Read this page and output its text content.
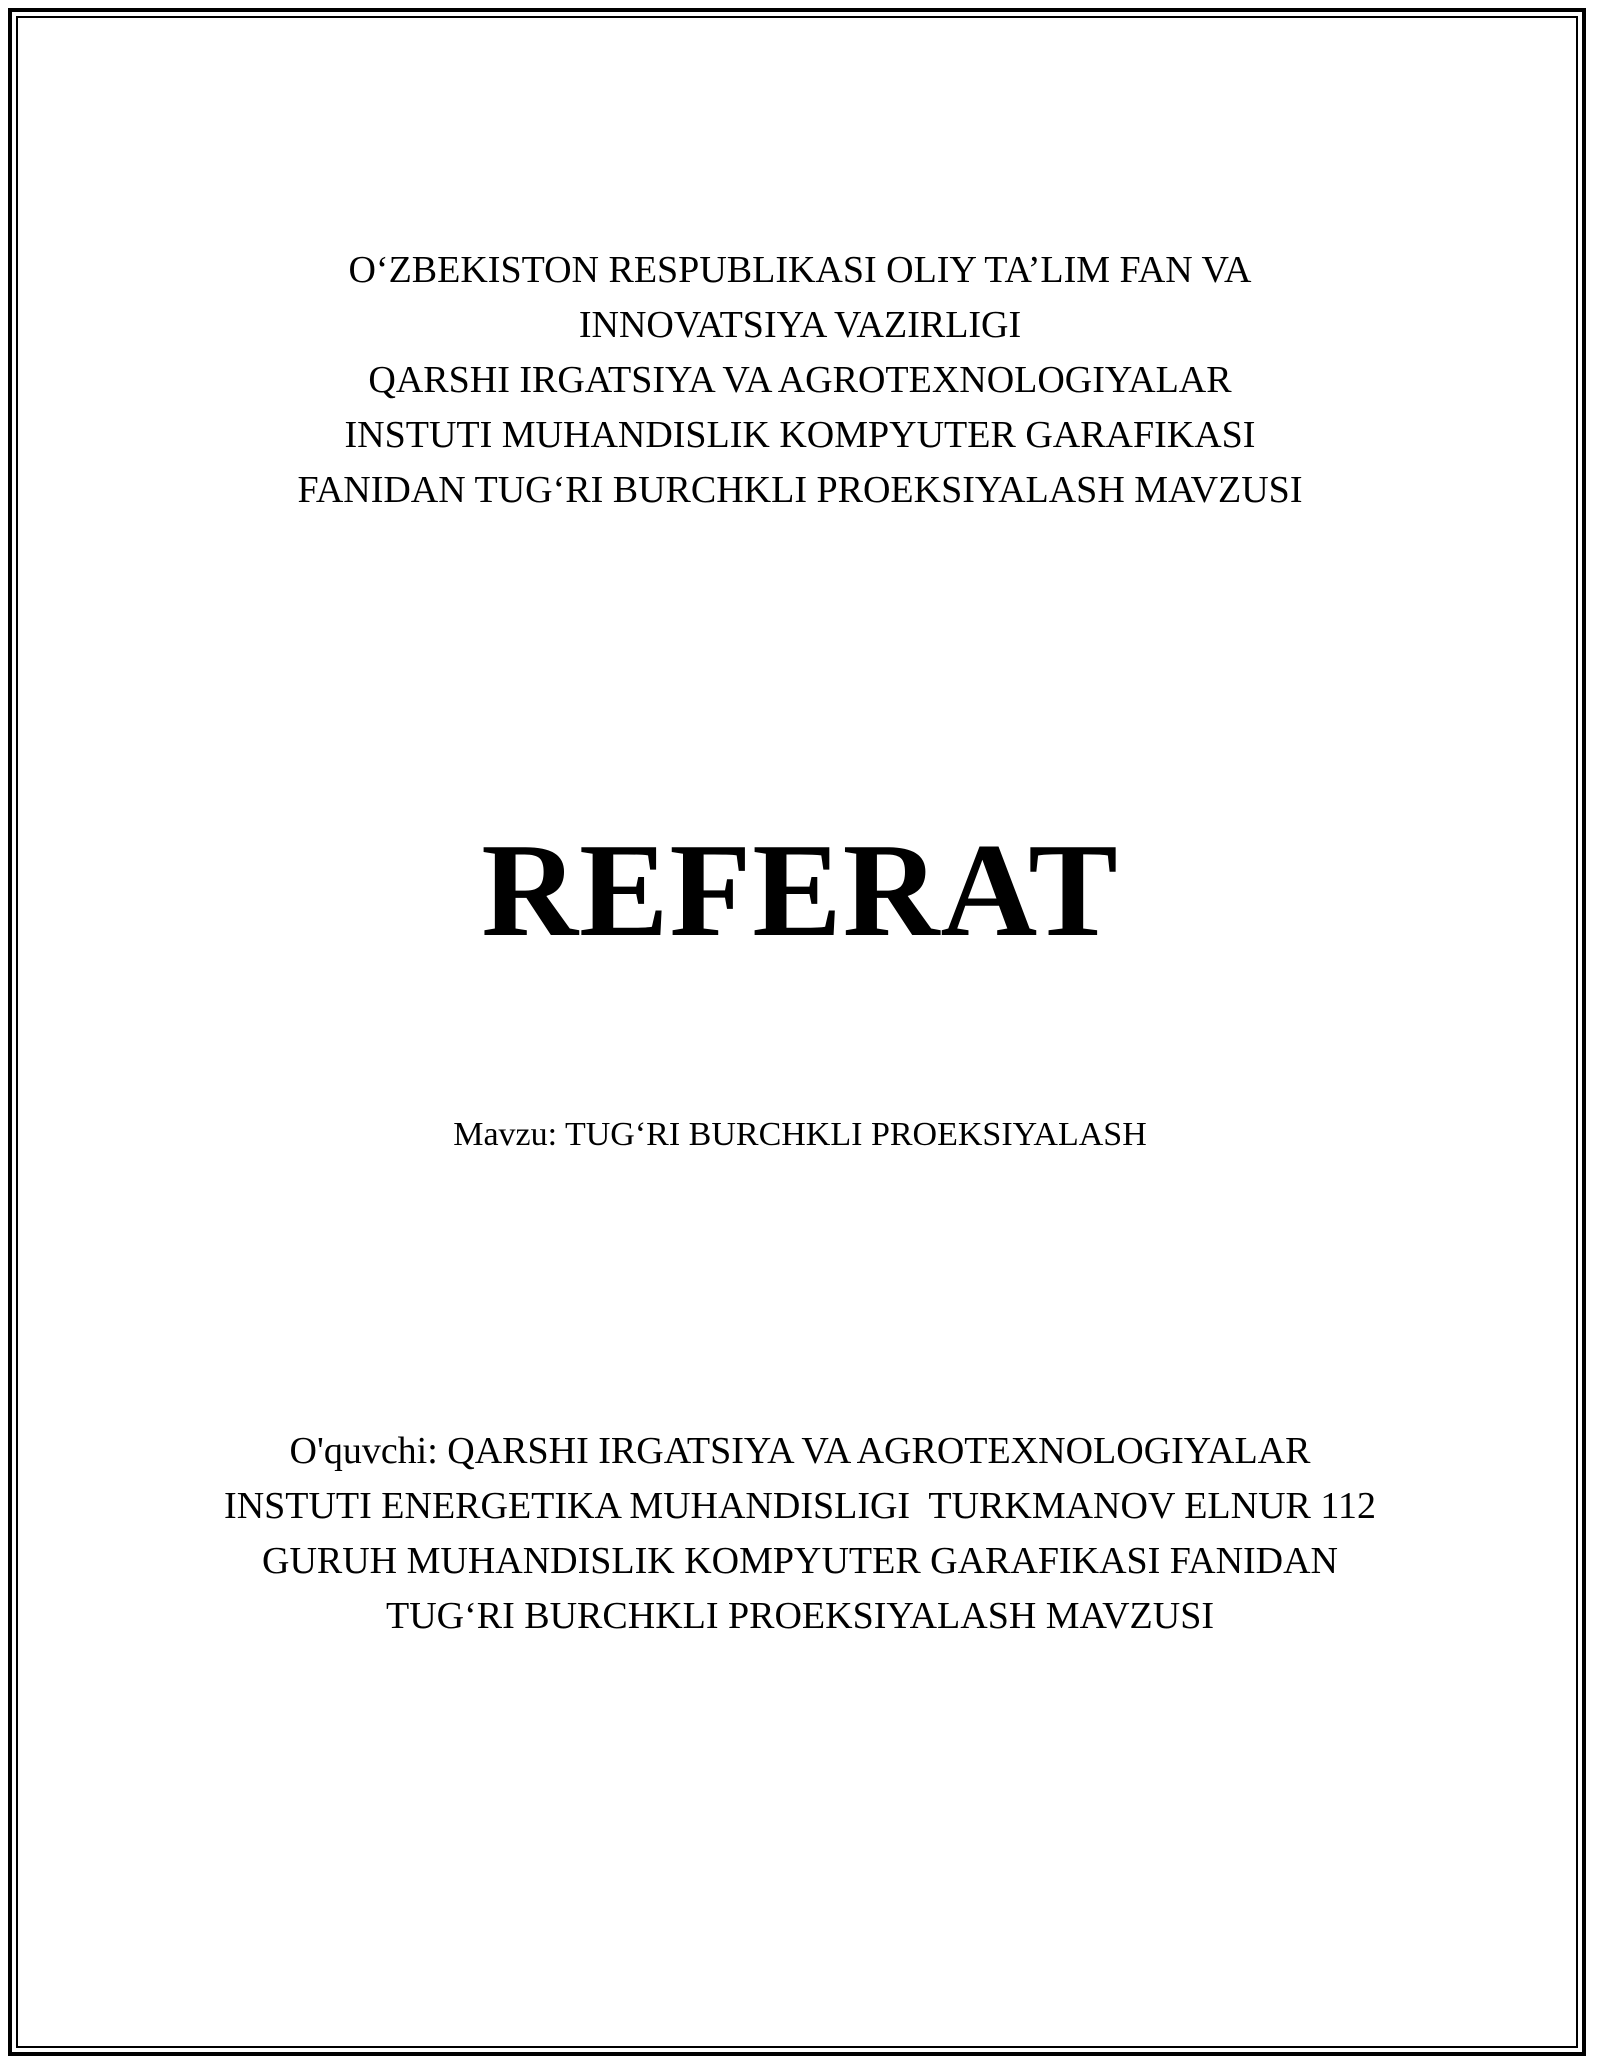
O‘ZBEKISTON RESPUBLIKASI OLIY TA’LIM FAN VA
INNOVATSIYA VAZIRLIGI
QARSHI IRGATSIYA VA AGROTEXNOLOGIYALAR
INSTUTI MUHANDISLIK KOMPYUTER GARAFIKASI
FANIDAN TUG‘RI BURCHKLI PROEKSIYALASH MAVZUSI
REFERAT
Mavzu: TUG‘RI BURCHKLI PROEKSIYALASH
O'quvchi: QARSHI IRGATSIYA VA AGROTEXNOLOGIYALAR
INSTUTI ENERGETIKA MUHANDISLIGI  TURKMANOV ELNUR 112
GURUH MUHANDISLIK KOMPYUTER GARAFIKASI FANIDAN
TUG‘RI BURCHKLI PROEKSIYALASH MAVZUSI
